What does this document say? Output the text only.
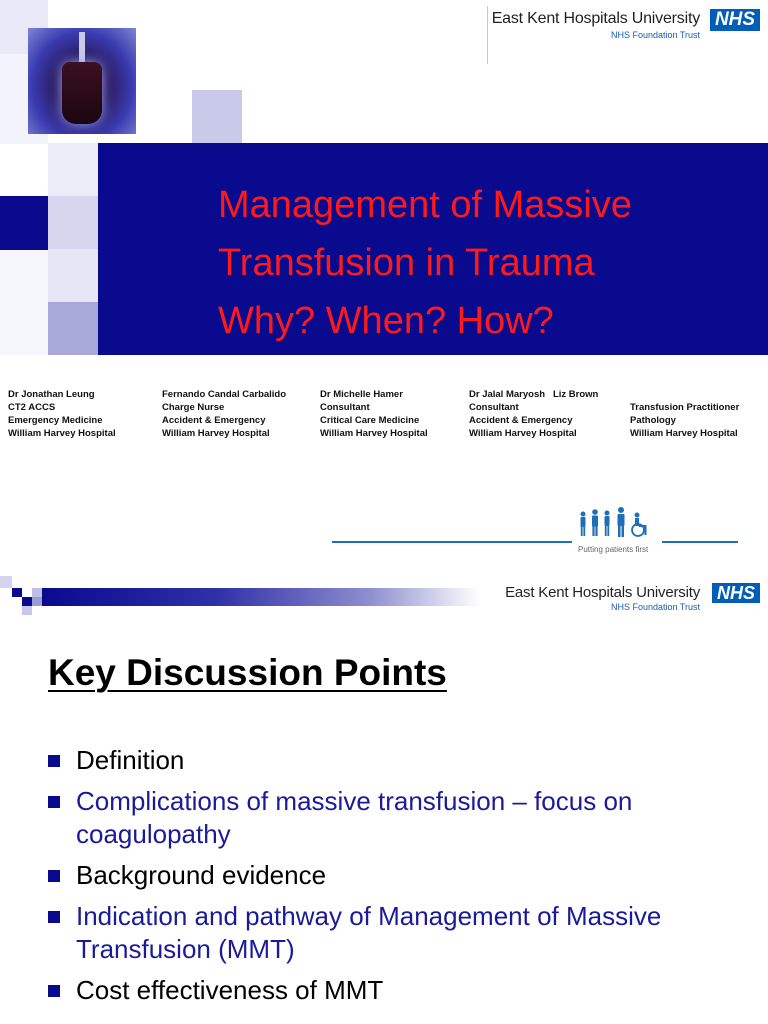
East Kent Hospitals University
NHS Foundation Trust
NHS
Management of Massive
Transfusion in Trauma
Why? When? How?
Dr Jonathan Leung
CT2 ACCS
Emergency Medicine
William Harvey Hospital
Fernando Candal Carbalido
Charge Nurse
Accident & Emergency
William Harvey Hospital
Dr Michelle Hamer
Consultant
Critical Care Medicine
William Harvey Hospital
Dr Jalal Maryosh   Liz Brown
Consultant
Accident & Emergency
William Harvey Hospital
Transfusion Practitioner
Pathology
William Harvey Hospital
Putting patients first
East Kent Hospitals University
NHS Foundation Trust
NHS
Key Discussion Points
Definition
Complications of massive transfusion – focus on coagulopathy
Background evidence
Indication and pathway of Management of Massive Transfusion (MMT)
Cost effectiveness of MMT
